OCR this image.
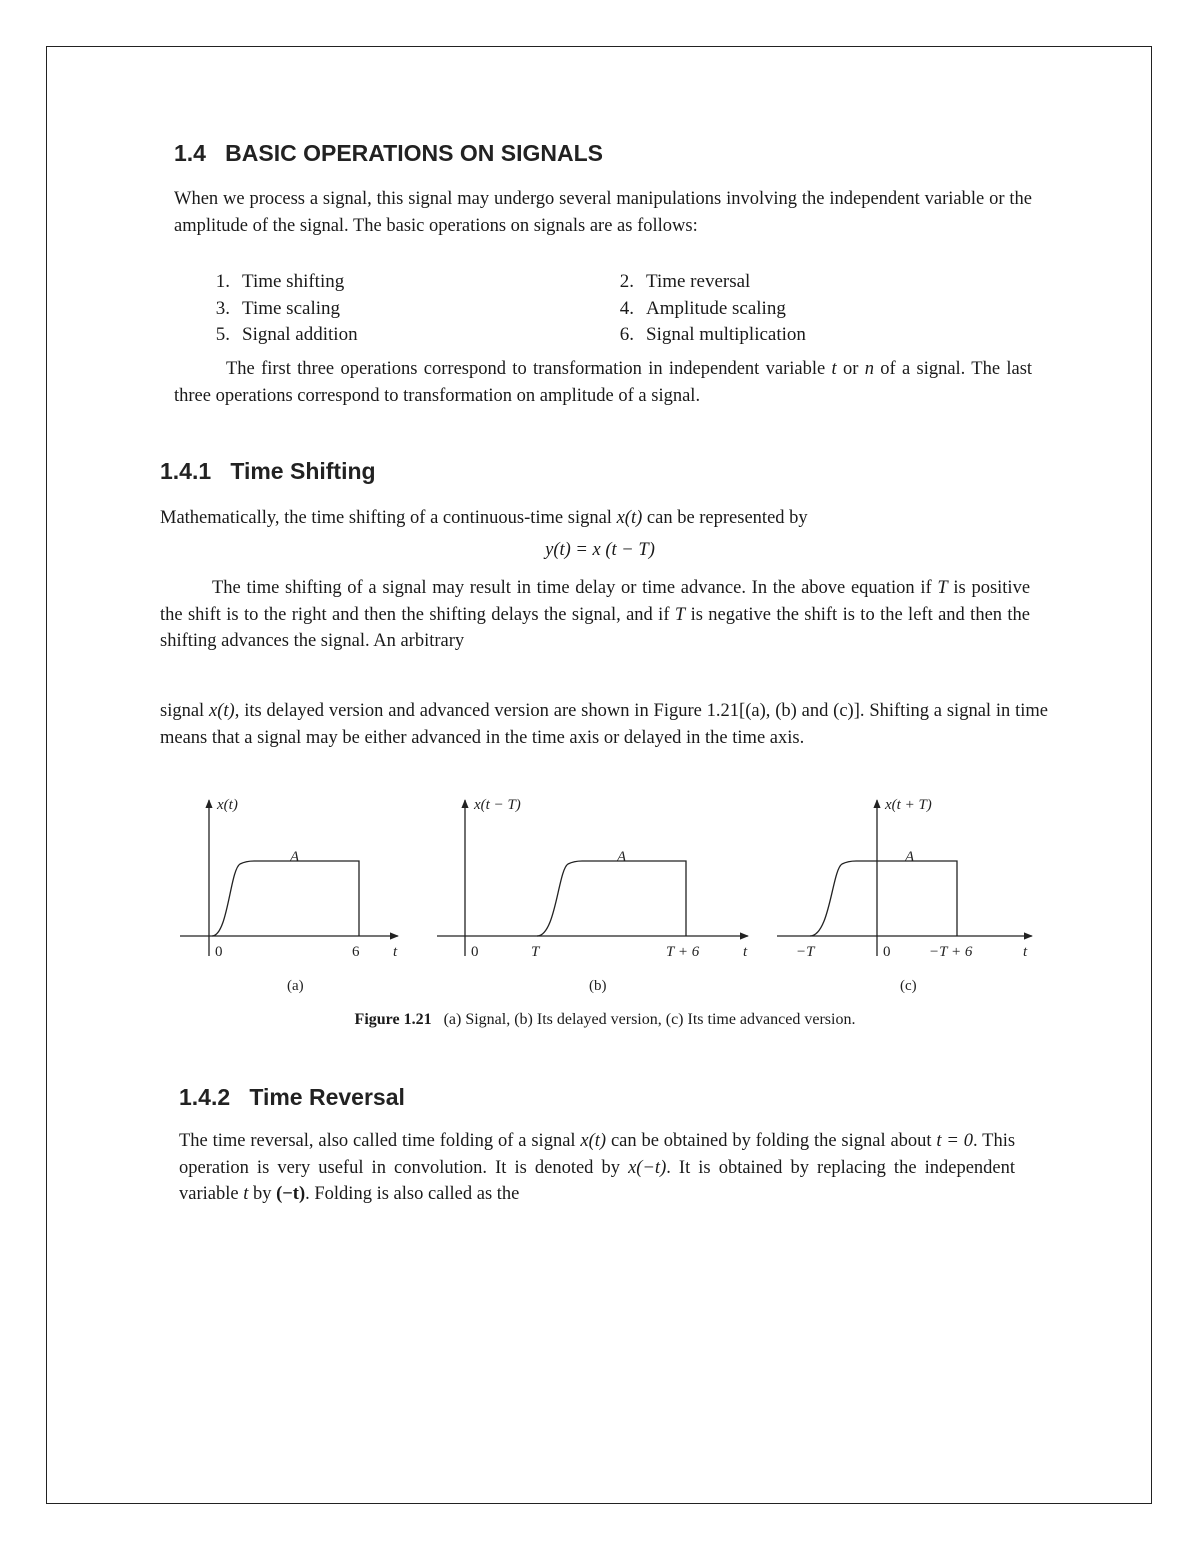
1.4   BASIC OPERATIONS ON SIGNALS
When we process a signal, this signal may undergo several manipulations involving the independent variable or the amplitude of the signal. The basic operations on signals are as follows:
1. Time shifting	2. Time reversal
3. Time scaling	4. Amplitude scaling
5. Signal addition	6. Signal multiplication
The first three operations correspond to transformation in independent variable t or n of a signal. The last three operations correspond to transformation on amplitude of a signal.
1.4.1   Time Shifting
Mathematically, the time shifting of a continuous-time signal x(t) can be represented by
y(t) = x (t − T)
The time shifting of a signal may result in time delay or time advance. In the above equation if T is positive the shift is to the right and then the shifting delays the signal, and if T is negative the shift is to the left and then the shifting advances the signal. An arbitrary
signal x(t), its delayed version and advanced version are shown in Figure 1.21[(a), (b) and (c)]. Shifting a signal in time means that a signal may be either advanced in the time axis or delayed in the time axis.
x(t)
A
0	6 t
(a)
x(t − T)
A
0	T	T + 6	t
(b)
x(t + T)
A
0
−T	−T + 6	t
(c)
Figure 1.21 (a) Signal, (b) Its delayed version, (c) Its time advanced version.
1.4.2   Time Reversal
The time reversal, also called time folding of a signal x(t) can be obtained by folding the signal about t = 0. This operation is very useful in convolution. It is denoted by x(−t). It is obtained by replacing the independent variable t by (−t). Folding is also called as the
